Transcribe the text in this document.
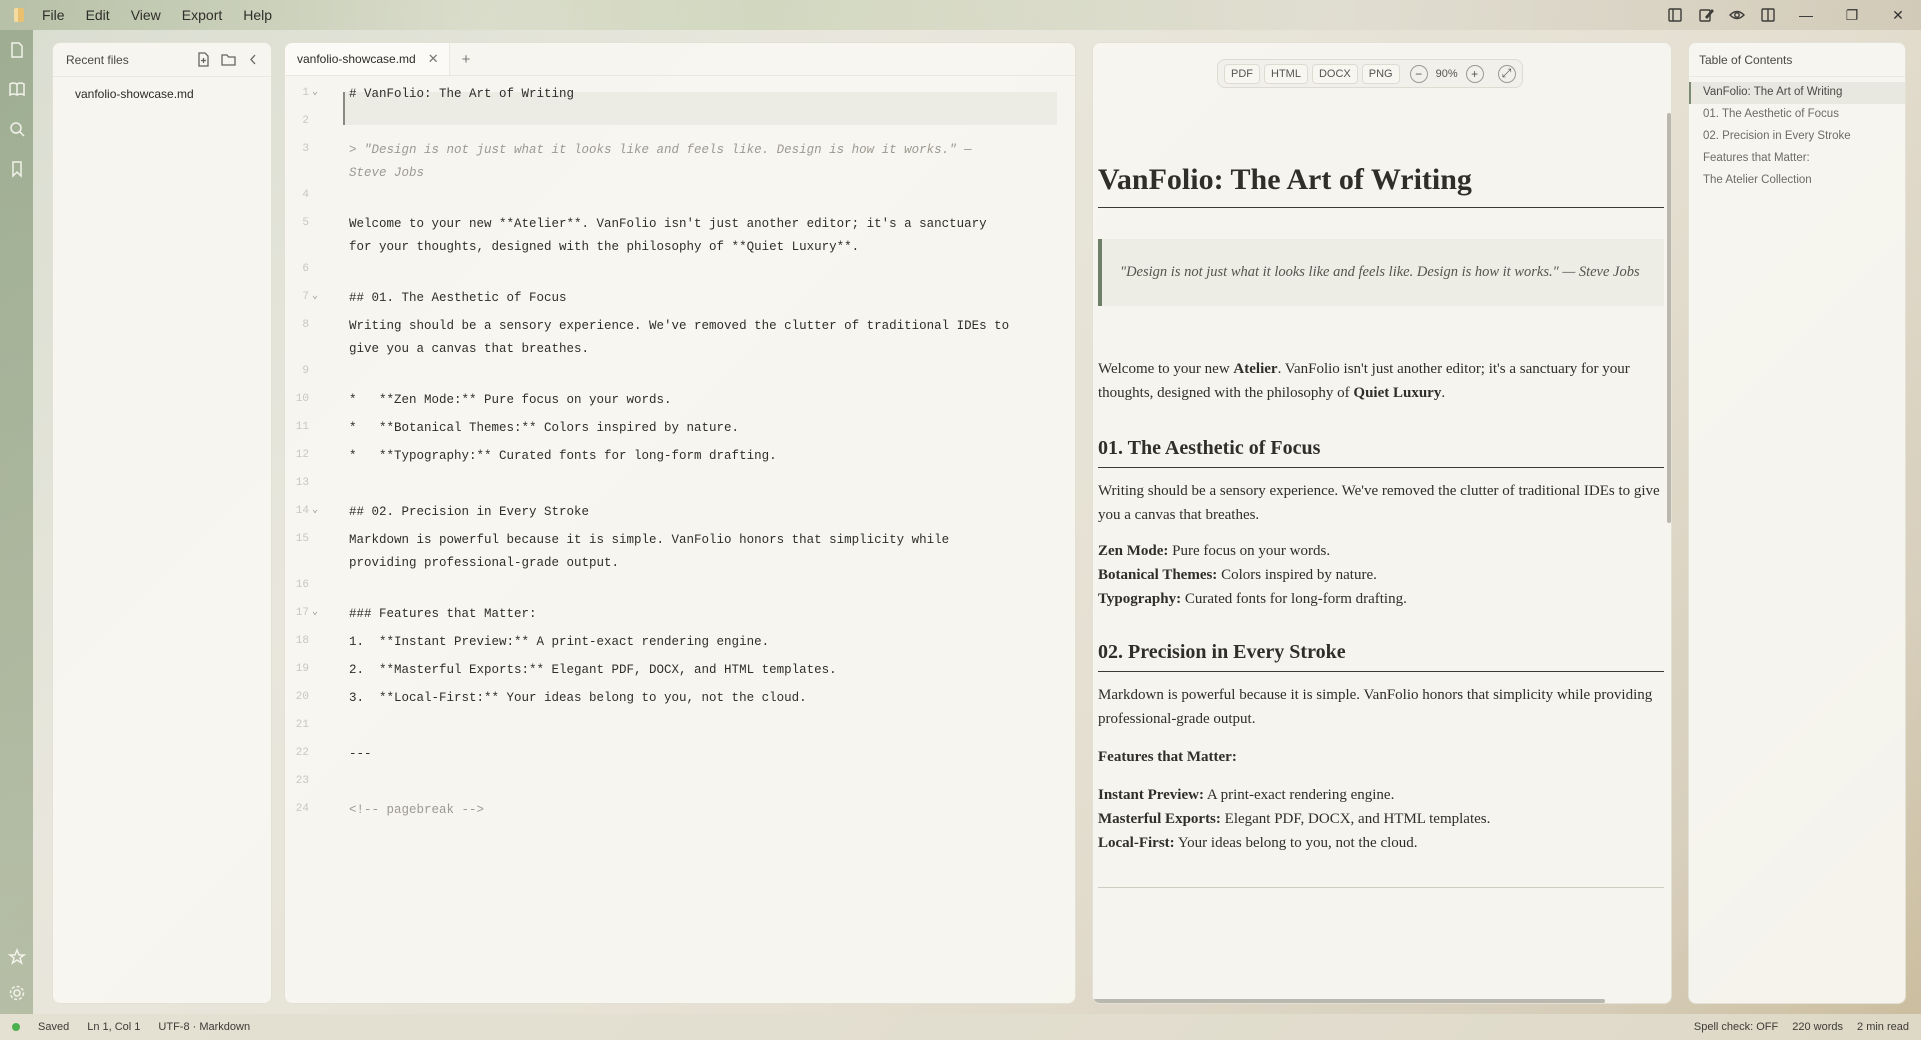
File Edit View Export Help	—	❐	✕
Recent files
vanfolio-showcase.md
vanfolio-showcase.md ✕ +
1 ⌄ # VanFolio: The Art of Writing
2
3	> "Design is not just what it looks like and feels like. Design is how it works." —
Steve Jobs
4
5	Welcome to your new **Atelier**. VanFolio isn't just another editor; it's a sanctuary
for your thoughts, designed with the philosophy of **Quiet Luxury**.
6
7 ⌄ ## 01. The Aesthetic of Focus
8	Writing should be a sensory experience. We've removed the clutter of traditional IDEs to
give you a canvas that breathes.
9
10	*   **Zen Mode:** Pure focus on your words.
11	*   **Botanical Themes:** Colors inspired by nature.
12	*   **Typography:** Curated fonts for long-form drafting.
13
14 ⌄ ## 02. Precision in Every Stroke
15	Markdown is powerful because it is simple. VanFolio honors that simplicity while
providing professional-grade output.
16
17 ⌄ ### Features that Matter:
18	1.  **Instant Preview:** A print-exact rendering engine.
19	2.  **Masterful Exports:** Elegant PDF, DOCX, and HTML templates.
20	3.  **Local-First:** Your ideas belong to you, not the cloud.
21
22	---
23
24	<!-- pagebreak -->
PDF	HTML	DOCX	PNG	−	90%	+	⤢
VanFolio: The Art of Writing
"Design is not just what it looks like and feels like. Design is how it works." — Steve Jobs
Welcome to your new Atelier. VanFolio isn't just another editor; it's a sanctuary for your thoughts, designed with the philosophy of Quiet Luxury.
01. The Aesthetic of Focus
Writing should be a sensory experience. We've removed the clutter of traditional IDEs to give you a canvas that breathes.
Zen Mode: Pure focus on your words.
Botanical Themes: Colors inspired by nature.
Typography: Curated fonts for long-form drafting.
02. Precision in Every Stroke
Markdown is powerful because it is simple. VanFolio honors that simplicity while providing professional-grade output.
Features that Matter:
Instant Preview: A print-exact rendering engine.
Masterful Exports: Elegant PDF, DOCX, and HTML templates.
Local-First: Your ideas belong to you, not the cloud.
Table of Contents
VanFolio: The Art of Writing
01. The Aesthetic of Focus
02. Precision in Every Stroke
Features that Matter:
The Atelier Collection
Saved Ln 1, Col 1 UTF-8 · Markdown	Spell check: OFF 220 words 2 min read
